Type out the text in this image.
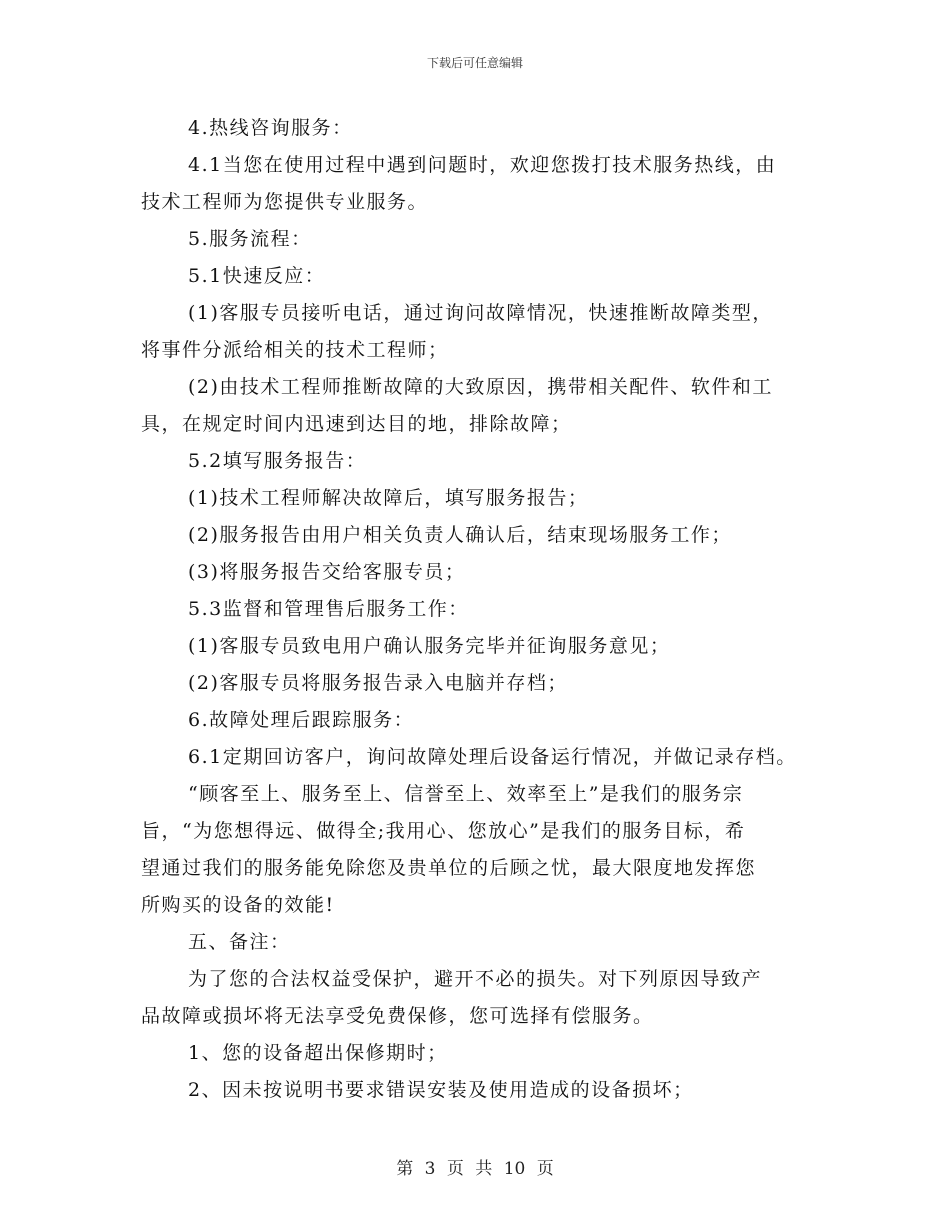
下载后可任意编辑
4.热线咨询服务：
4.1当您在使用过程中遇到问题时，欢迎您拨打技术服务热线，由
技术工程师为您提供专业服务。
5.服务流程：
5.1快速反应：
(1)客服专员接听电话，通过询问故障情况，快速推断故障类型，
将事件分派给相关的技术工程师；
(2)由技术工程师推断故障的大致原因，携带相关配件、软件和工
具，在规定时间内迅速到达目的地，排除故障；
5.2填写服务报告：
(1)技术工程师解决故障后，填写服务报告；
(2)服务报告由用户相关负责人确认后，结束现场服务工作；
(3)将服务报告交给客服专员；
5.3监督和管理售后服务工作：
(1)客服专员致电用户确认服务完毕并征询服务意见；
(2)客服专员将服务报告录入电脑并存档；
6.故障处理后跟踪服务：
6.1定期回访客户，询问故障处理后设备运行情况，并做记录存档。
“顾客至上、服务至上、信誉至上、效率至上”是我们的服务宗
旨，“为您想得远、做得全;我用心、您放心”是我们的服务目标，希
望通过我们的服务能免除您及贵单位的后顾之忧，最大限度地发挥您
所购买的设备的效能!
五、备注：
为了您的合法权益受保护，避开不必的损失。对下列原因导致产
品故障或损坏将无法享受免费保修，您可选择有偿服务。
1、您的设备超出保修期时；
2、因未按说明书要求错误安装及使用造成的设备损坏；
第 3 页 共 10 页
